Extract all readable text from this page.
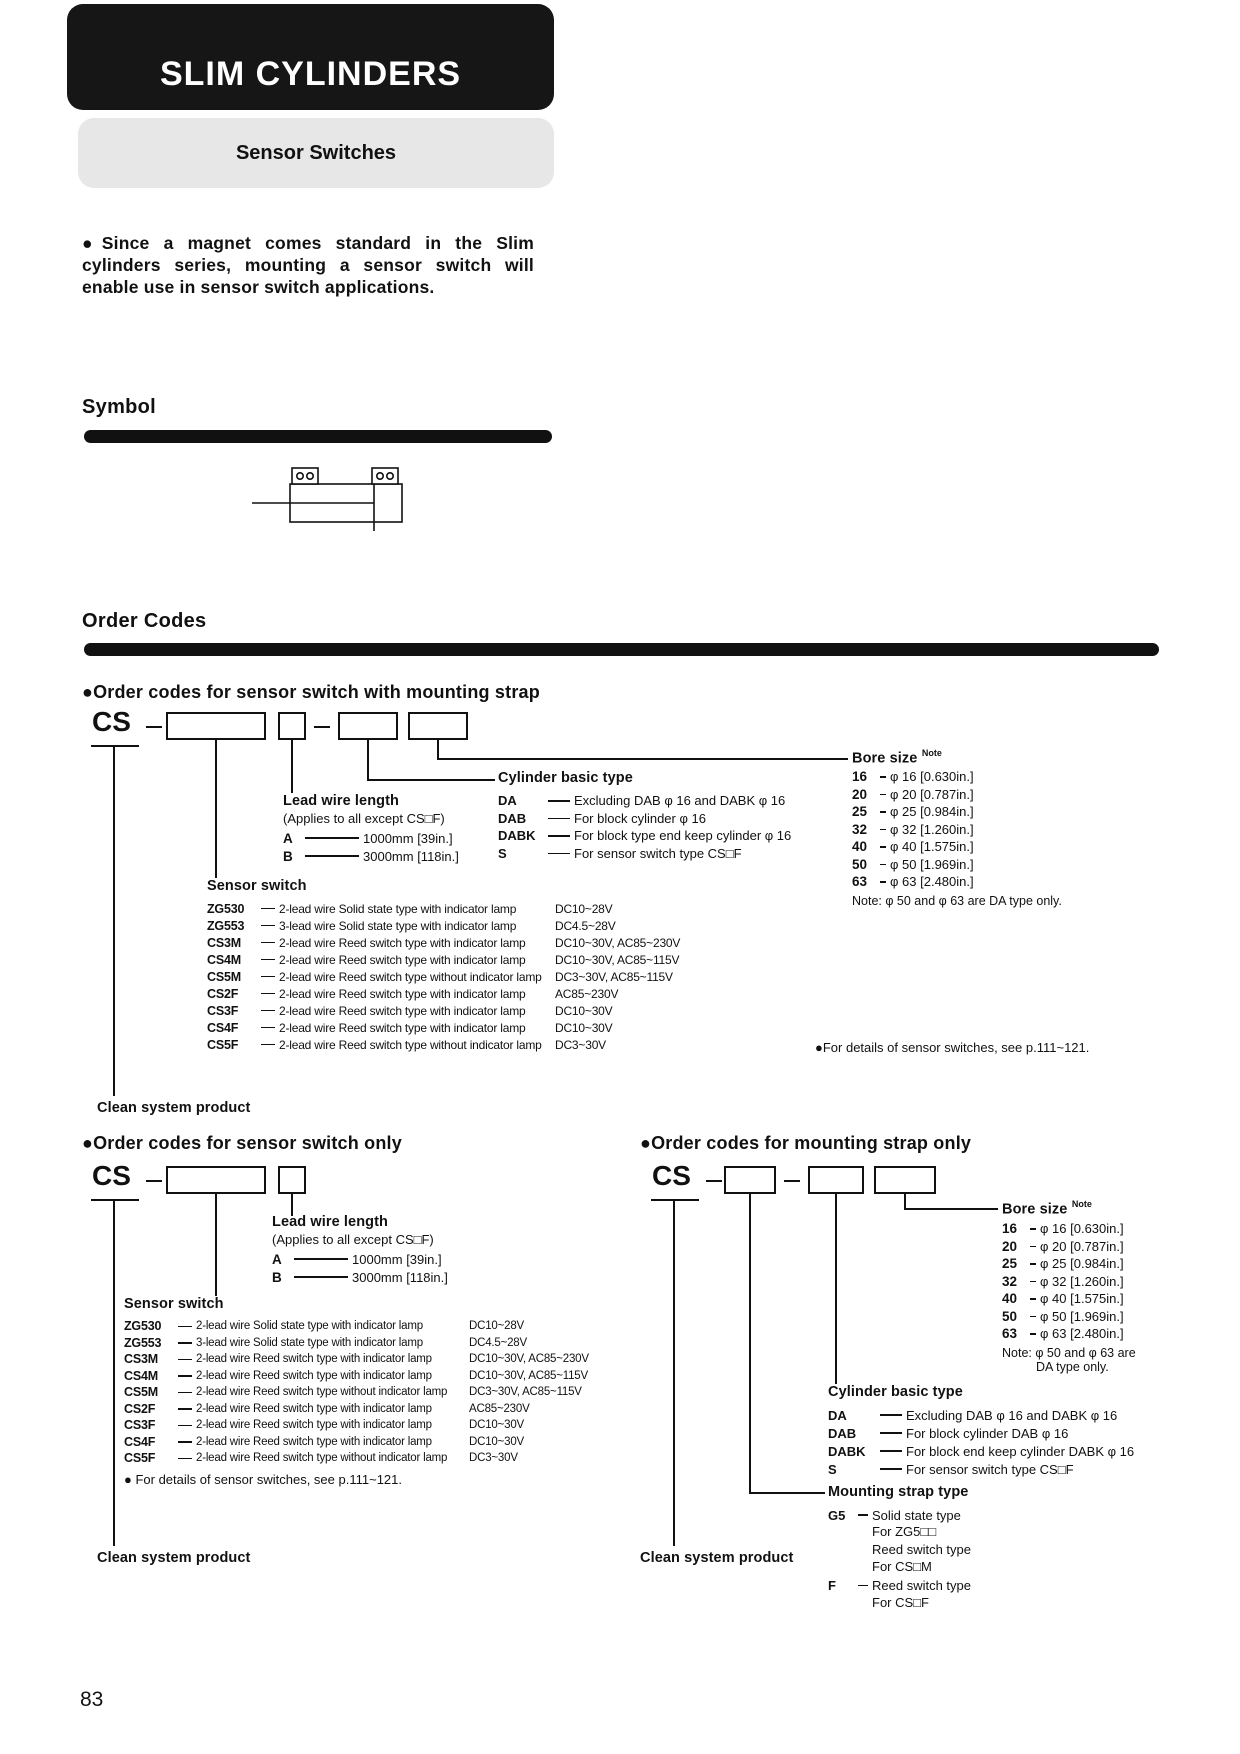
SLIM CYLINDERS
Sensor Switches
●Since a magnet comes standard in the Slim cylinders series, mounting a sensor switch will enable use in sensor switch applications.
Symbol
Order Codes
●Order codes for sensor switch with mounting strap
CS
Lead wire length
(Applies to all except CS□F)
A	1000mm [39in.]
B	3000mm [118in.]
Cylinder basic type
DA	Excluding DAB φ 16 and DABK φ 16
DAB	For block cylinder φ 16
DABK	For block type end keep cylinder φ 16
S	For sensor switch type CS□F
Bore size $^{Note}$
16	φ 16 [0.630in.]
20	φ 20 [0.787in.]
25	φ 25 [0.984in.]
32	φ 32 [1.260in.]
40	φ 40 [1.575in.]
50	φ 50 [1.969in.]
63	φ 63 [2.480in.]
Note: φ 50 and φ 63 are DA type only.
Sensor switch
ZG530	2-lead wire Solid state type with indicator lamp	DC10~28V
ZG553	3-lead wire Solid state type with indicator lamp	DC4.5~28V
CS3M	2-lead wire Reed switch type with indicator lamp	DC10~30V, AC85~230V
CS4M	2-lead wire Reed switch type with indicator lamp	DC10~30V, AC85~115V
CS5M	2-lead wire Reed switch type without indicator lamp	DC3~30V, AC85~115V
CS2F	2-lead wire Reed switch type with indicator lamp	AC85~230V
CS3F	2-lead wire Reed switch type with indicator lamp	DC10~30V
CS4F	2-lead wire Reed switch type with indicator lamp	DC10~30V
CS5F	2-lead wire Reed switch type without indicator lamp	DC3~30V	●For details of sensor switches, see p.111~121.
Clean system product
●Order codes for sensor switch only
CS
Lead wire length
(Applies to all except CS□F)
A	1000mm [39in.]
B	3000mm [118in.]
Sensor switch
ZG530	2-lead wire Solid state type with indicator lamp	DC10~28V
ZG553	3-lead wire Solid state type with indicator lamp	DC4.5~28V
CS3M	2-lead wire Reed switch type with indicator lamp	DC10~30V, AC85~230V
CS4M	2-lead wire Reed switch type with indicator lamp	DC10~30V, AC85~115V
CS5M	2-lead wire Reed switch type without indicator lamp	DC3~30V, AC85~115V
CS2F	2-lead wire Reed switch type with indicator lamp	AC85~230V
CS3F	2-lead wire Reed switch type with indicator lamp	DC10~30V
CS4F	2-lead wire Reed switch type with indicator lamp	DC10~30V
CS5F	2-lead wire Reed switch type without indicator lamp	DC3~30V
● For details of sensor switches, see p.111~121.
Clean system product
●Order codes for mounting strap only
CS
Bore size $^{Note}$
16	φ 16 [0.630in.]
20	φ 20 [0.787in.]
25	φ 25 [0.984in.]
32	φ 32 [1.260in.]
40	φ 40 [1.575in.]
50	φ 50 [1.969in.]
63	φ 63 [2.480in.]
Note: φ 50 and φ 63 are
DA type only.
Cylinder basic type
DA	Excluding DAB φ 16 and DABK φ 16
DAB	For block cylinder DAB φ 16
DABK	For block end keep cylinder DABK φ 16
S	For sensor switch type CS□F
Mounting strap type
G5	Solid state type
For ZG5□□
Reed switch type
For CS□M
F	Reed switch type
For CS□F
Clean system product
83
